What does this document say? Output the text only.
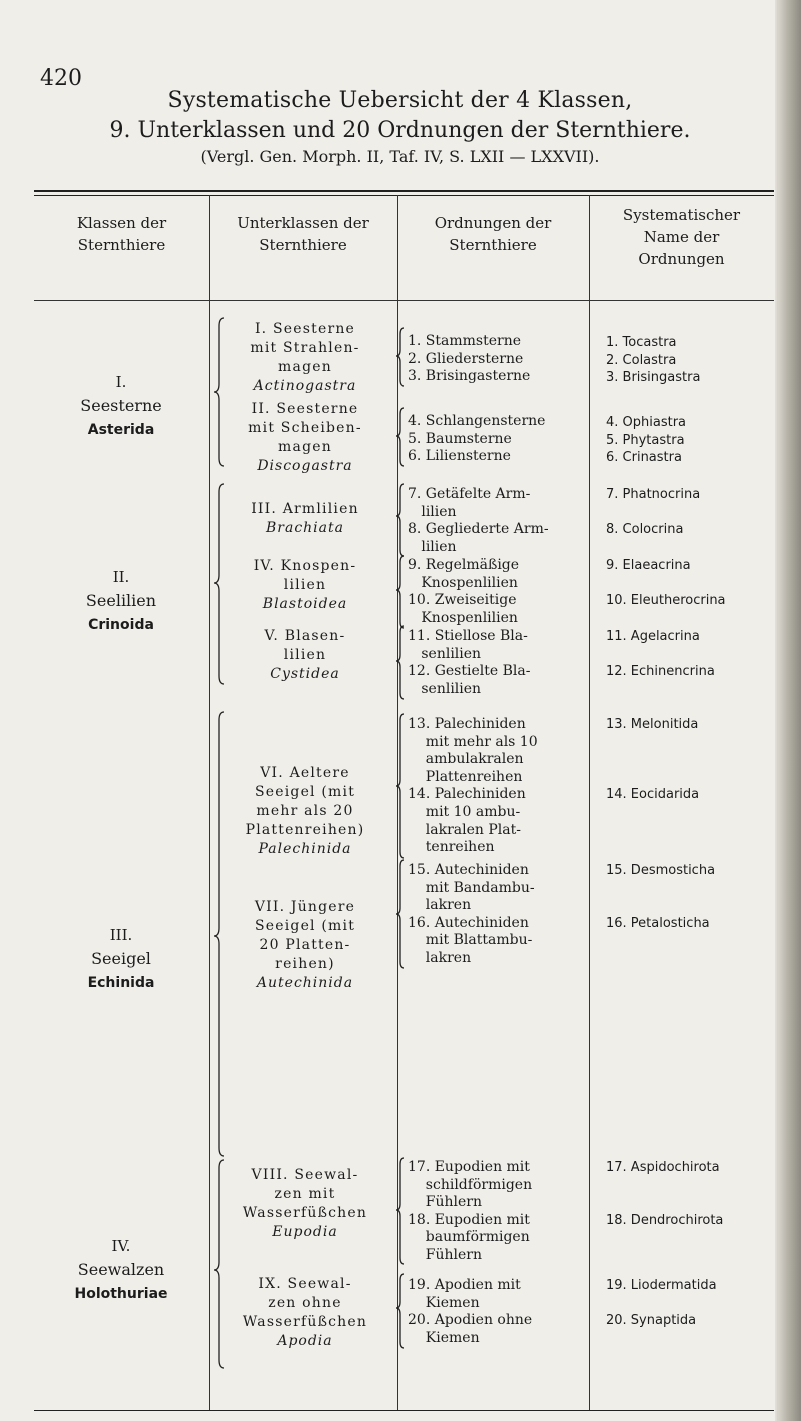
420
Systematische Uebersicht der 4 Klassen,
9. Unterklassen und 20 Ordnungen der Sternthiere.
(Vergl. Gen. Morph. II, Taf. IV, S. LXII — LXXVII).
Klassen der
Sternthiere
Unterklassen der
Sternthiere
Ordnungen der
Sternthiere
Systematischer
Name der
Ordnungen
I.
Seesterne
Asterida
I. Seesterne
mit Strahlen-
magen
Actinogastra
II. Seesterne
mit Scheiben-
magen
Discogastra
1. Stammsterne
2. Gliedersterne
3. Brisingasterne
4. Schlangensterne
5. Baumsterne
6. Liliensterne
1. Tocastra
2. Colastra
3. Brisingastra
4. Ophiastra
5. Phytastra
6. Crinastra
II.
Seelilien
Crinoida
III. Armlilien
Brachiata
IV. Knospen-
lilien
Blastoidea
V. Blasen-
lilien
Cystidea
7. Getäfelte Arm-
lilien
8. Gegliederte Arm-
lilien
9. Regelmäßige
Knospenlilien
10. Zweiseitige
Knospenlilien
11. Stiellose Bla-
senlilien
12. Gestielte Bla-
senlilien
7. Phatnocrina

8. Colocrina
9. Elaeacrina

10. Eleutherocrina
11. Agelacrina

12. Echinencrina
III.
Seeigel
Echinida
VI. Aeltere
Seeigel (mit
mehr als 20
Plattenreihen)
Palechinida
VII. Jüngere
Seeigel (mit
20 Platten-
reihen)
Autechinida
13. Palechiniden
mit mehr als 10
ambulakralen
Plattenreihen
14. Palechiniden
mit 10 ambu-
lakralen Plat-
tenreihen
15. Autechiniden
mit Bandambu-
lakren
16. Autechiniden
mit Blattambu-
lakren
13. Melonitida

14. Eocidarida
15. Desmosticha

16. Petalosticha
IV.
Seewalzen
Holothuriae
VIII. Seewal-
zen mit
Wasserfüßchen
Eupodia
IX. Seewal-
zen ohne
Wasserfüßchen
Apodia
17. Eupodien mit
schildförmigen
Fühlern
18. Eupodien mit
baumförmigen
Fühlern
19. Apodien mit
Kiemen
20. Apodien ohne
Kiemen
17. Aspidochirota

18. Dendrochirota
19. Liodermatida

20. Synaptida
